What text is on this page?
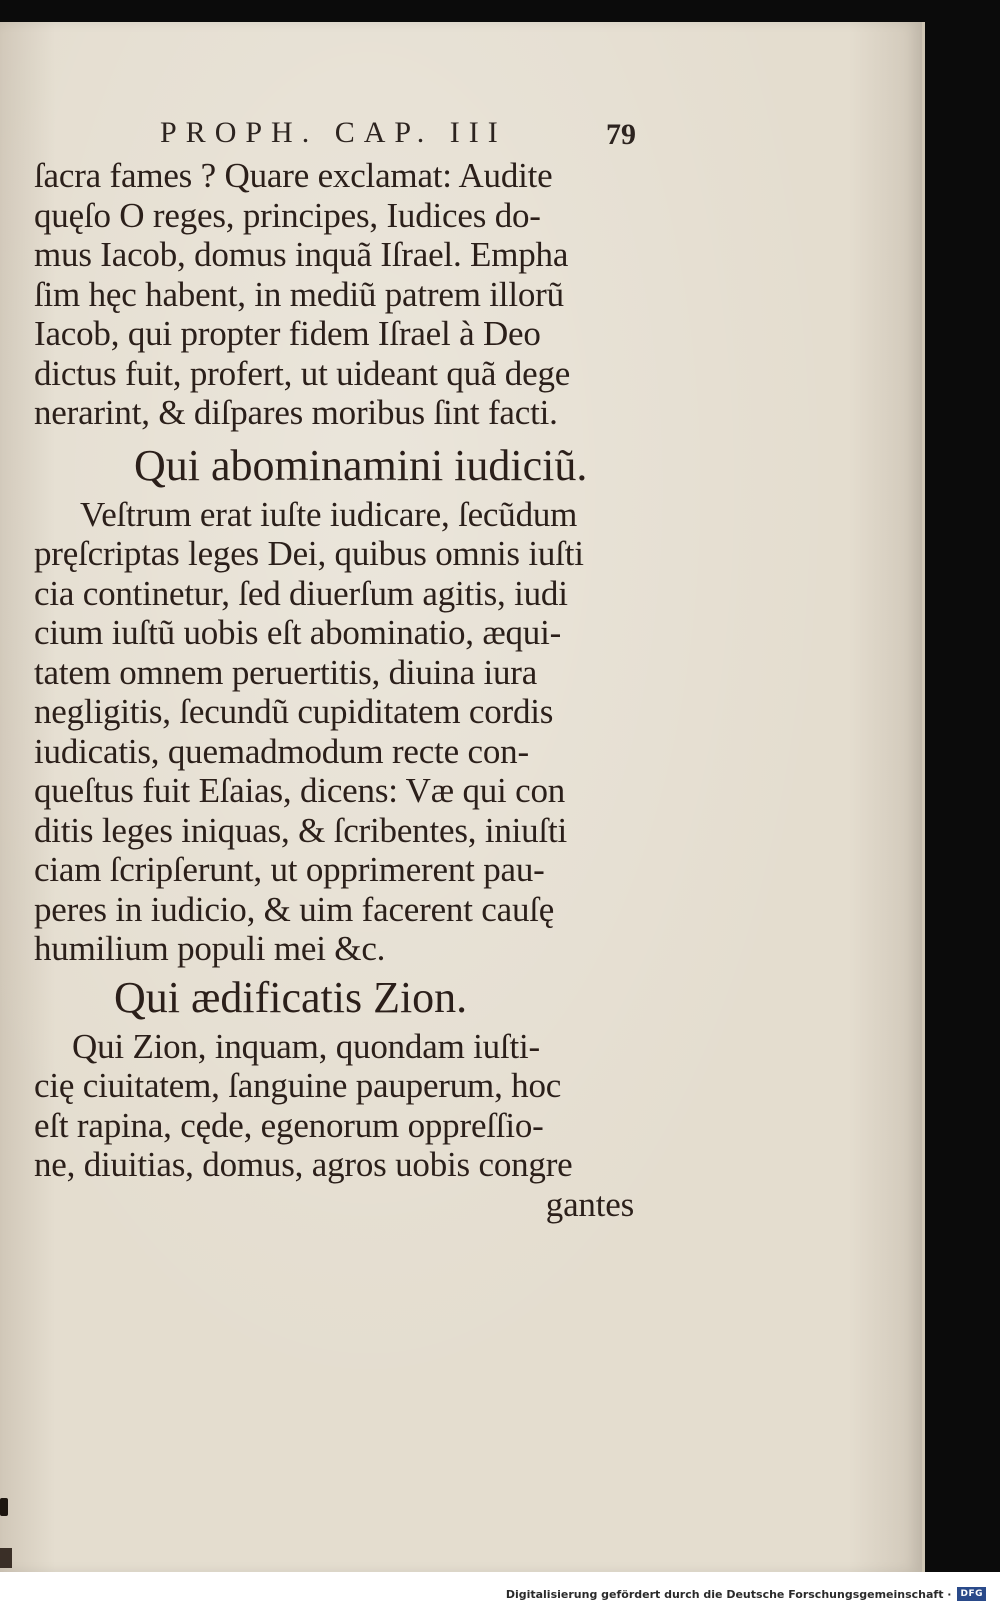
PROPH. CAP. III	79
ſacra fames ? Quare exclamat: Audite
quęſo O reges, principes, Iudices do-
mus Iacob, domus inquã Iſrael. Empha
ſim hęc habent, in mediũ patrem illorũ
Iacob, qui propter fidem Iſrael à Deo
dictus fuit, profert, ut uideant quã dege
nerarint, & diſpares moribus ſint facti.
Qui abominamini iudiciũ.
Veſtrum erat iuſte iudicare, ſecũdum
pręſcriptas leges Dei, quibus omnis iuſti
cia continetur, ſed diuerſum agitis, iudi
cium iuſtũ uobis eſt abominatio, æqui-
tatem omnem peruertitis, diuina iura
negligitis, ſecundũ cupiditatem cordis
iudicatis, quemadmodum recte con-
queſtus fuit Eſaias, dicens: Væ qui con
ditis leges iniquas, & ſcribentes, iniuſti
ciam ſcripſerunt, ut opprimerent pau-
peres in iudicio, & uim facerent cauſę
humilium populi mei &c.
Qui ædificatis Zion.
Qui Zion, inquam, quondam iuſti-
cię ciuitatem, ſanguine pauperum, hoc
eſt rapina, cęde, egenorum oppreſſio-
ne, diuitias, domus, agros uobis congre
gantes
Digitalisierung gefördert durch die Deutsche Forschungsgemeinschaft ·	DFG
